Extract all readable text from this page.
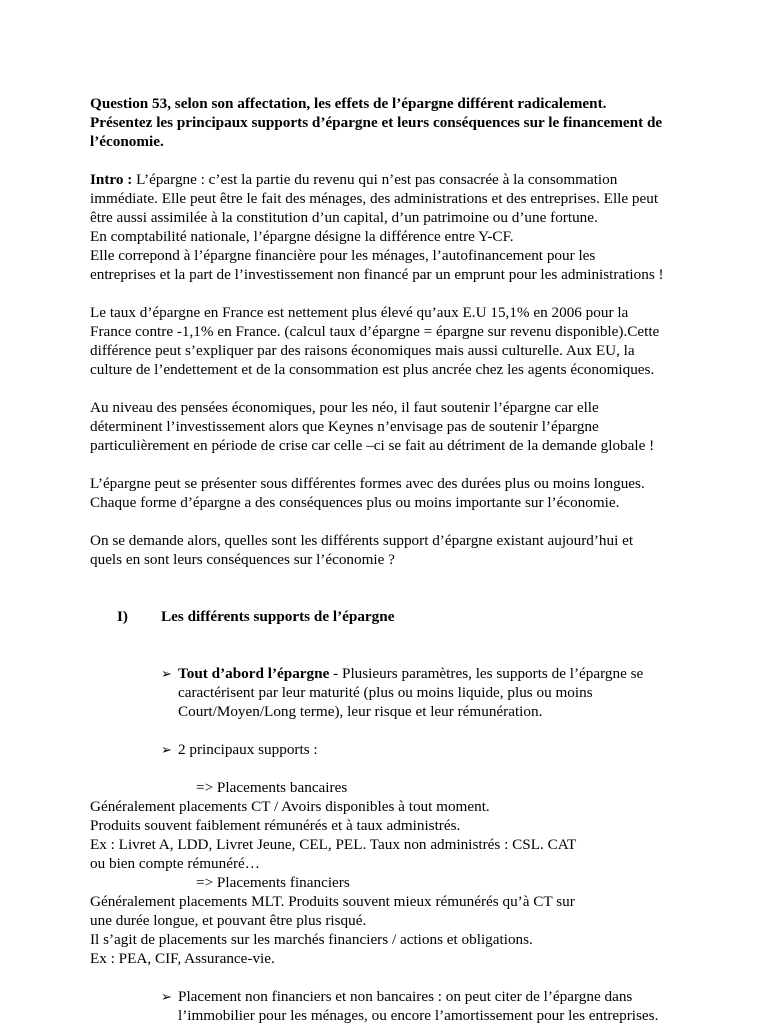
Question 53, selon son affectation, les effets de l’épargne différent radicalement.

Présentez les principaux supports d’épargne et leurs conséquences sur le financement de

l’économie.

Intro : L’épargne : c’est la partie du revenu qui n’est pas consacrée à la consommation

immédiate. Elle peut être le fait des ménages, des administrations et des entreprises. Elle peut

être aussi assimilée à la constitution d’un capital, d’un patrimoine ou d’une fortune.

En comptabilité nationale, l’épargne désigne la différence entre Y-CF.

Elle correpond à l’épargne financière pour les ménages, l’autofinancement pour les

entreprises et la part de l’investissement non financé par un emprunt pour les administrations !

Le taux d’épargne en France est nettement plus élevé qu’aux E.U 15,1% en 2006 pour la

France contre -1,1% en France. (calcul taux d’épargne = épargne sur revenu disponible).Cette

différence peut s’expliquer par des raisons économiques mais aussi culturelle. Aux EU, la

culture de l’endettement et de la consommation est plus ancrée chez les agents économiques.

Au niveau des pensées économiques, pour les néo, il faut soutenir l’épargne car elle

déterminent l’investissement alors que Keynes n’envisage pas de soutenir l’épargne

particulièrement en période de crise car celle –ci se fait au détriment de la demande globale !

L’épargne peut se présenter sous différentes formes avec des durées plus ou moins longues.

Chaque forme d’épargne a des conséquences plus ou moins importante sur l’économie.

On se demande alors, quelles sont les différents support d’épargne existant aujourd’hui et

quels en sont leurs conséquences sur l’économie ?

I) Les différents supports de l’épargne
➢ Tout d’abord l’épargne - Plusieurs paramètres, les supports de l’épargne se

caractérisent par leur maturité (plus ou moins liquide, plus ou moins

Court/Moyen/Long terme), leur risque et leur rémunération.

➢ 2 principaux supports :

=> Placements bancaires

Généralement placements CT / Avoirs disponibles à tout moment.

Produits souvent faiblement rémunérés et à taux administrés.

Ex : Livret A, LDD, Livret Jeune, CEL, PEL. Taux non administrés : CSL. CAT

ou bien compte rémunéré…

=> Placements financiers

Généralement placements MLT. Produits souvent mieux rémunérés qu’à CT sur

une durée longue, et pouvant être plus risqué.

Il s’agit de placements sur les marchés financiers / actions et obligations.

Ex : PEA, CIF, Assurance-vie.

➢ Placement non financiers et non bancaires : on peut citer de l’épargne dans

l’immobilier pour les ménages, ou encore l’amortissement pour les entreprises.
